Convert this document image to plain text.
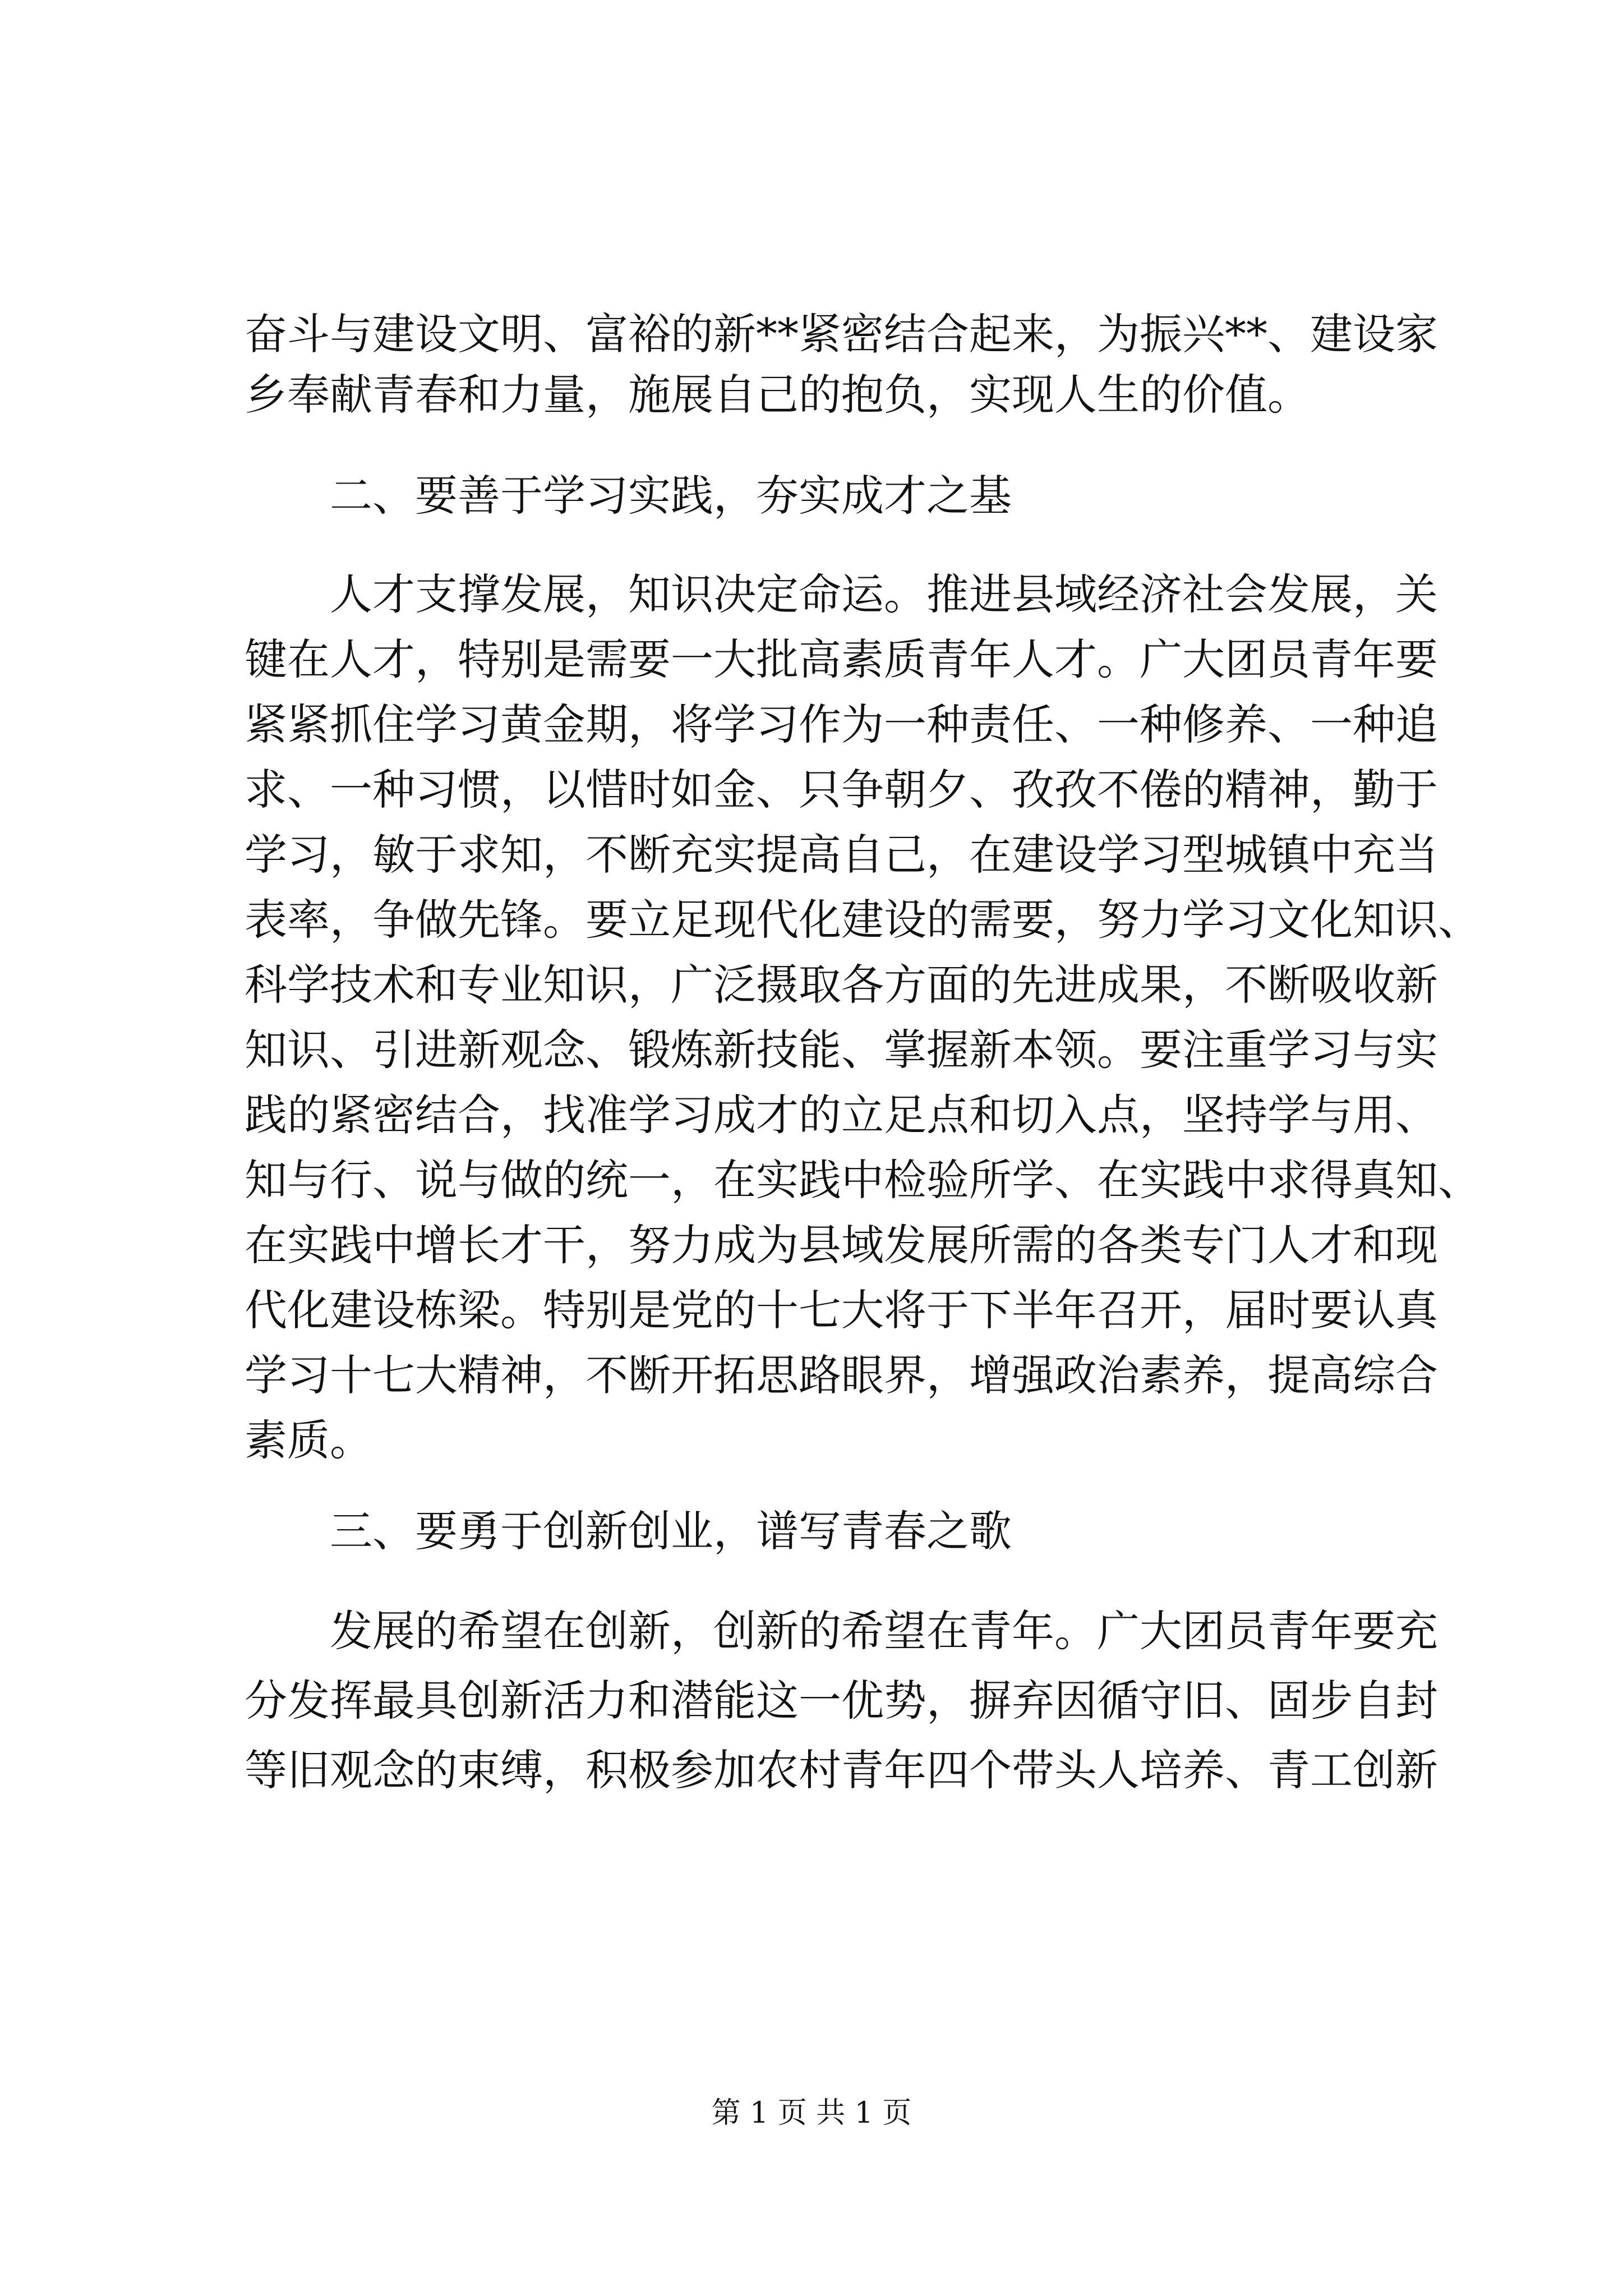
奋斗与建设文明、富裕的新**紧密结合起来，为振兴**、建设家
乡奉献青春和力量，施展自己的抱负，实现人生的价值。
　　二、要善于学习实践，夯实成才之基
　　人才支撑发展，知识决定命运。推进县域经济社会发展，关
键在人才，特别是需要一大批高素质青年人才。广大团员青年要
紧紧抓住学习黄金期，将学习作为一种责任、一种修养、一种追
求、一种习惯，以惜时如金、只争朝夕、孜孜不倦的精神，勤于
学习，敏于求知，不断充实提高自己，在建设学习型城镇中充当
表率，争做先锋。要立足现代化建设的需要，努力学习文化知识、
科学技术和专业知识，广泛摄取各方面的先进成果，不断吸收新
知识、引进新观念、锻炼新技能、掌握新本领。要注重学习与实
践的紧密结合，找准学习成才的立足点和切入点，坚持学与用、
知与行、说与做的统一，在实践中检验所学、在实践中求得真知、
在实践中增长才干，努力成为县域发展所需的各类专门人才和现
代化建设栋梁。特别是党的十七大将于下半年召开，届时要认真
学习十七大精神，不断开拓思路眼界，增强政治素养，提高综合
素质。
　　三、要勇于创新创业，谱写青春之歌
　　发展的希望在创新，创新的希望在青年。广大团员青年要充
分发挥最具创新活力和潜能这一优势，摒弃因循守旧、固步自封
等旧观念的束缚，积极参加农村青年四个带头人培养、青工创新
第 1 页 共 1 页
